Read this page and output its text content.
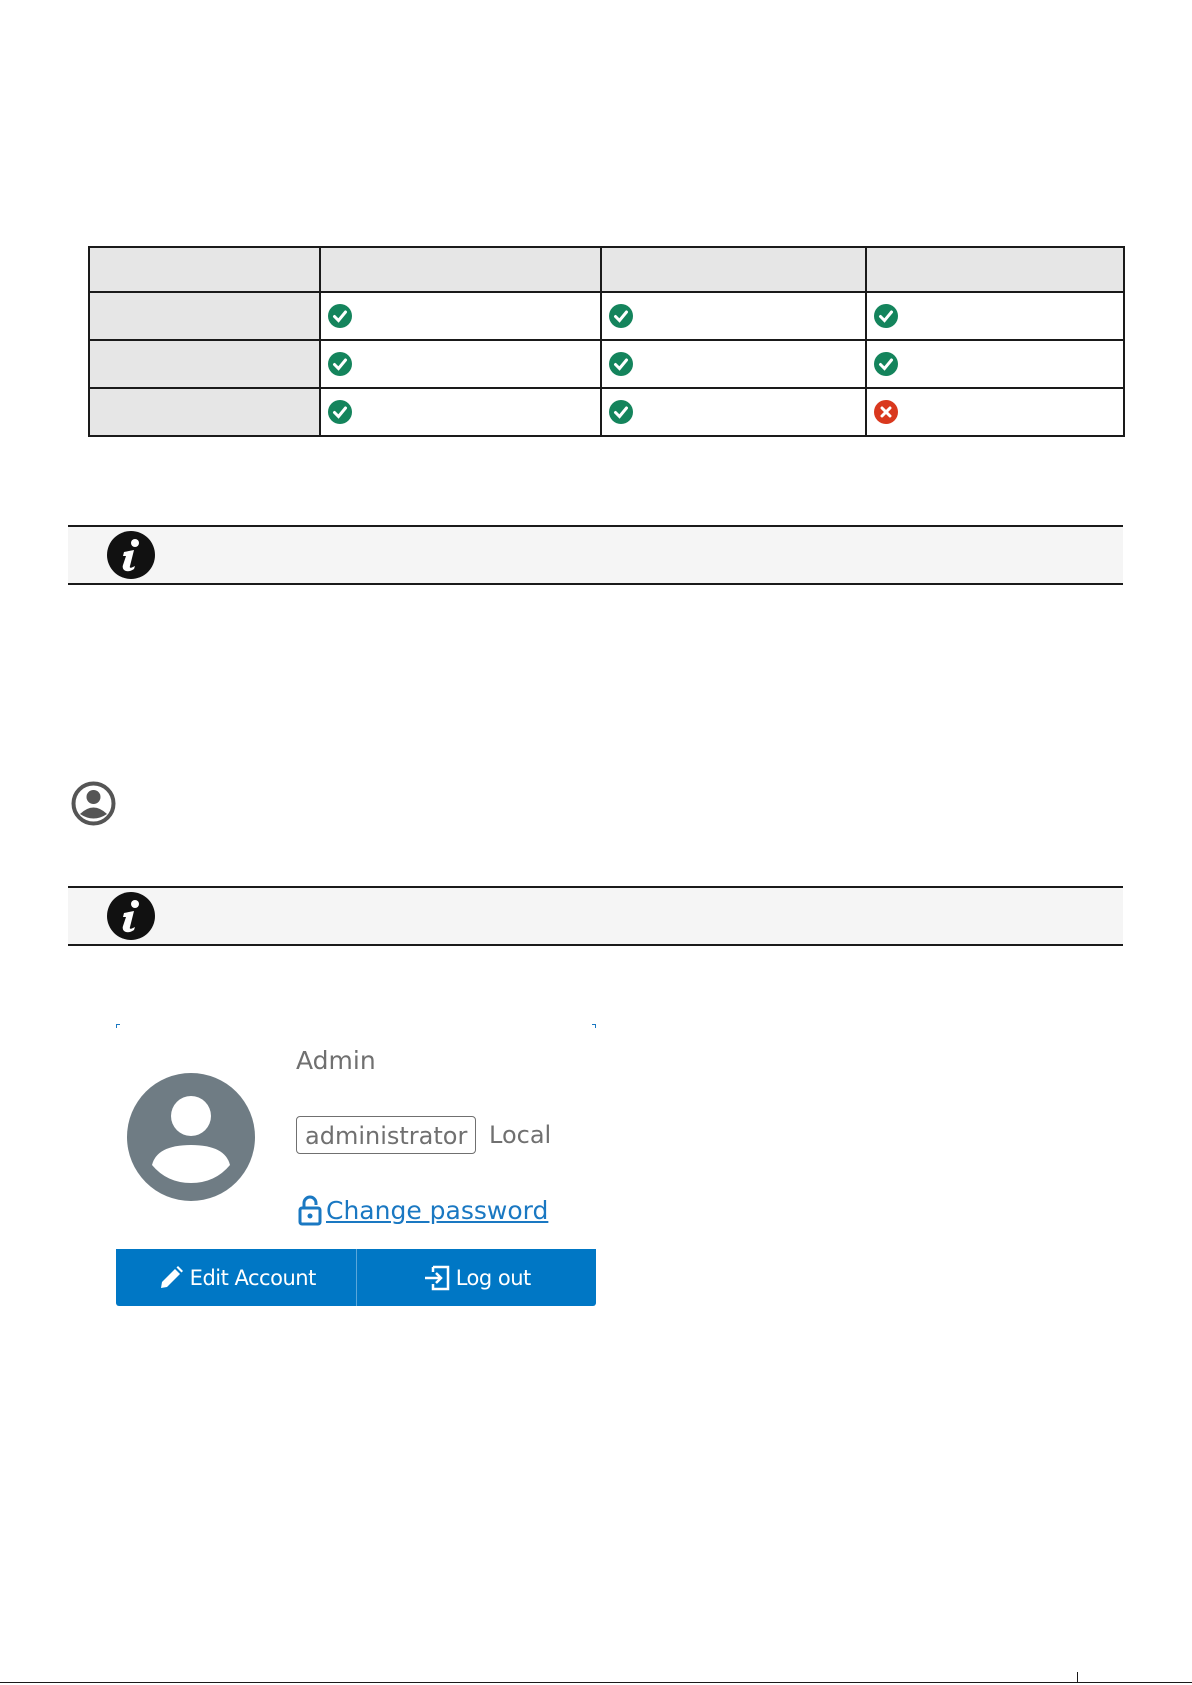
Admin
administrator Local
Change password
Edit Account	Log out
